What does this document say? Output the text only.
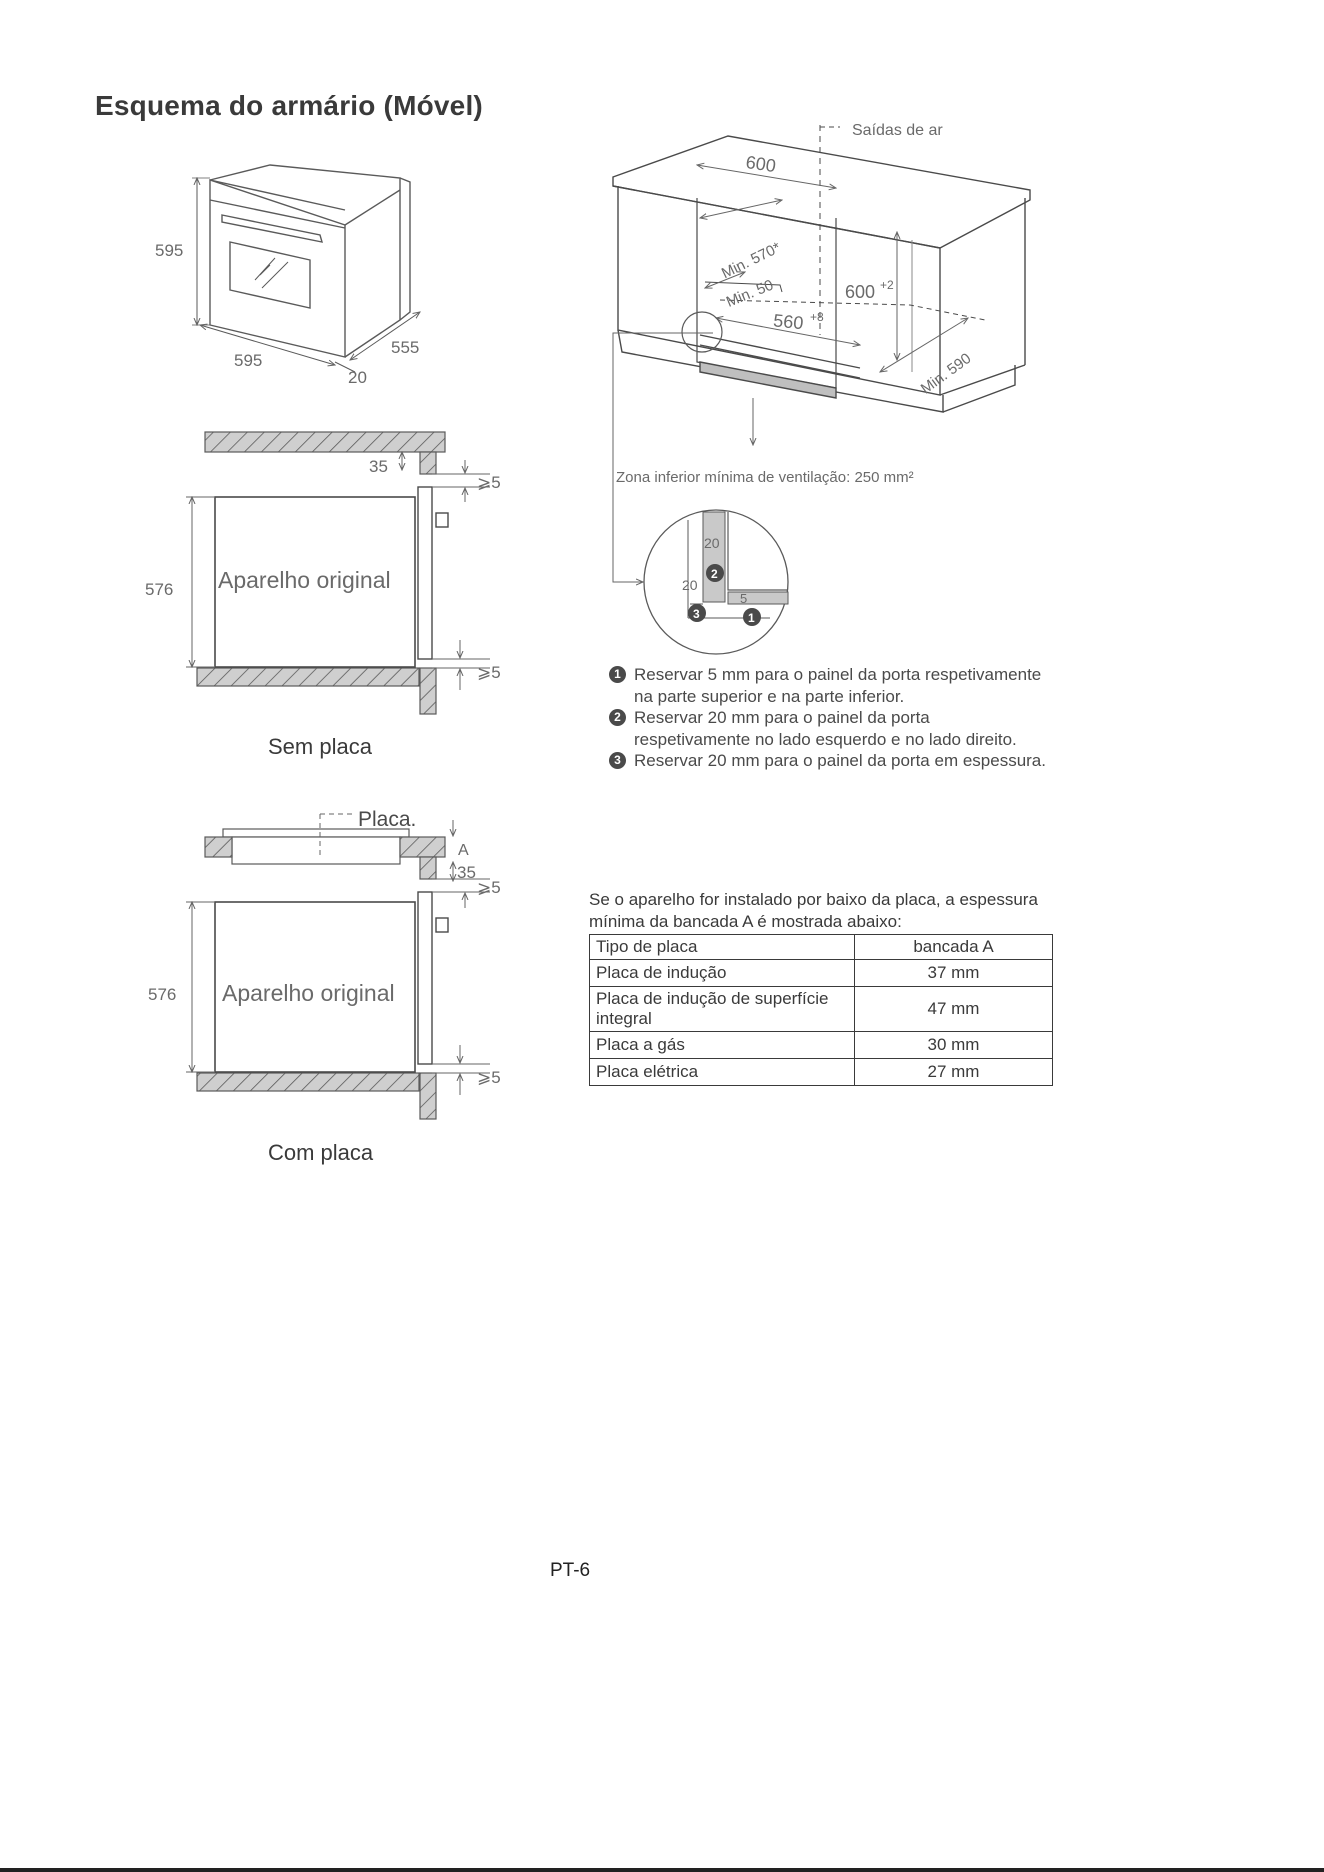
Esquema do armário (Móvel)
595
595
555
20
576 Aparelho original
35
⩾5
⩾5
Sem placa
Placa.
A
35
⩾5
⩾5
576 Aparelho original
Com placa
Saídas de ar
600
Min. 570*
Min. 50	600 +2
560 +8
Min. 590
Zona inferior mínima de ventilação: 250 mm²
20
20
5
2
3	1
1 Reservar 5 mm para o painel da porta respetivamente na parte superior e na parte inferior.
2 Reservar 20 mm para o painel da porta respetivamente no lado esquerdo e no lado direito.
3 Reservar 20 mm para o painel da porta em espessura.
Se o aparelho for instalado por baixo da placa, a espessura mínima da bancada A é mostrada abaixo:
Tipo de placa	bancada A
Placa de indução	37 mm
Placa de indução de superfície integral	47 mm
Placa a gás	30 mm
Placa elétrica	27 mm
PT-6
